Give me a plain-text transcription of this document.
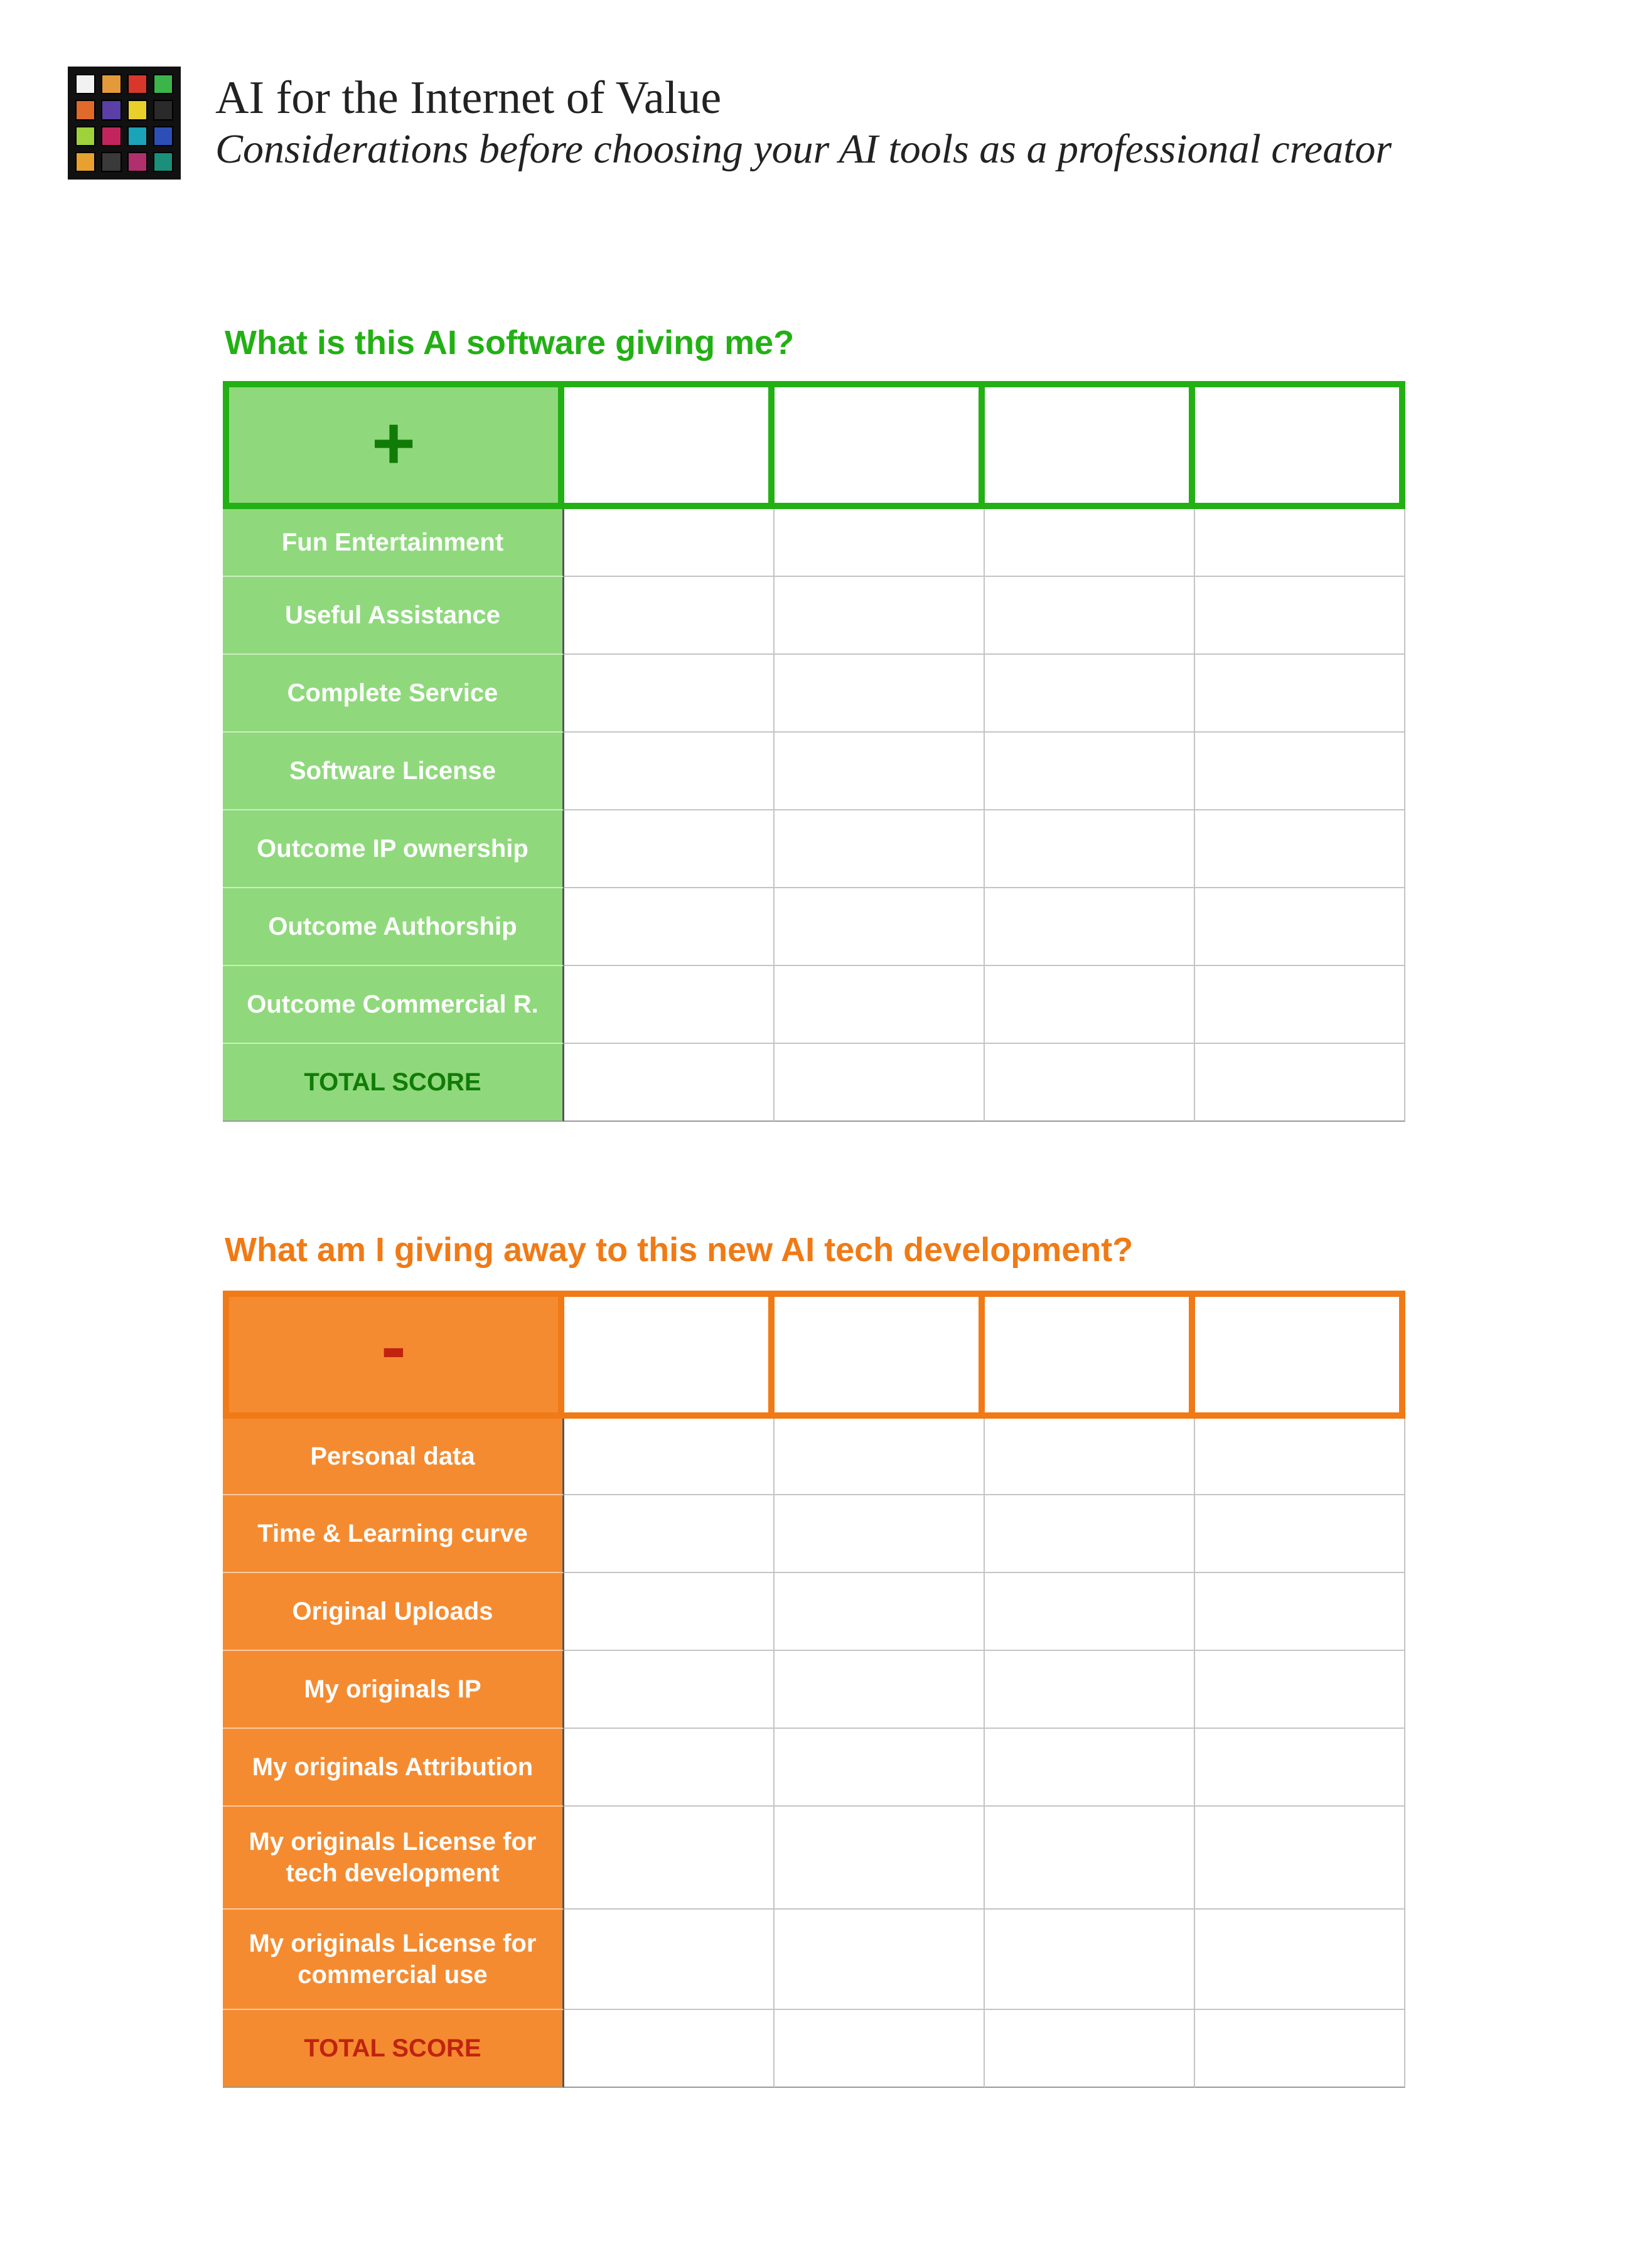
AI for the Internet of Value
Considerations before choosing your AI tools as a professional creator
What is this AI software giving me?
+
Fun Entertainment
Useful Assistance
Complete Service
Software License
Outcome IP ownership
Outcome Authorship
Outcome Commercial R.
TOTAL SCORE
What am I giving away to this new AI tech development?
-
Personal data
Time & Learning curve
Original Uploads
My originals IP
My originals Attribution
My originals License for tech development
My originals License for commercial use
TOTAL SCORE
